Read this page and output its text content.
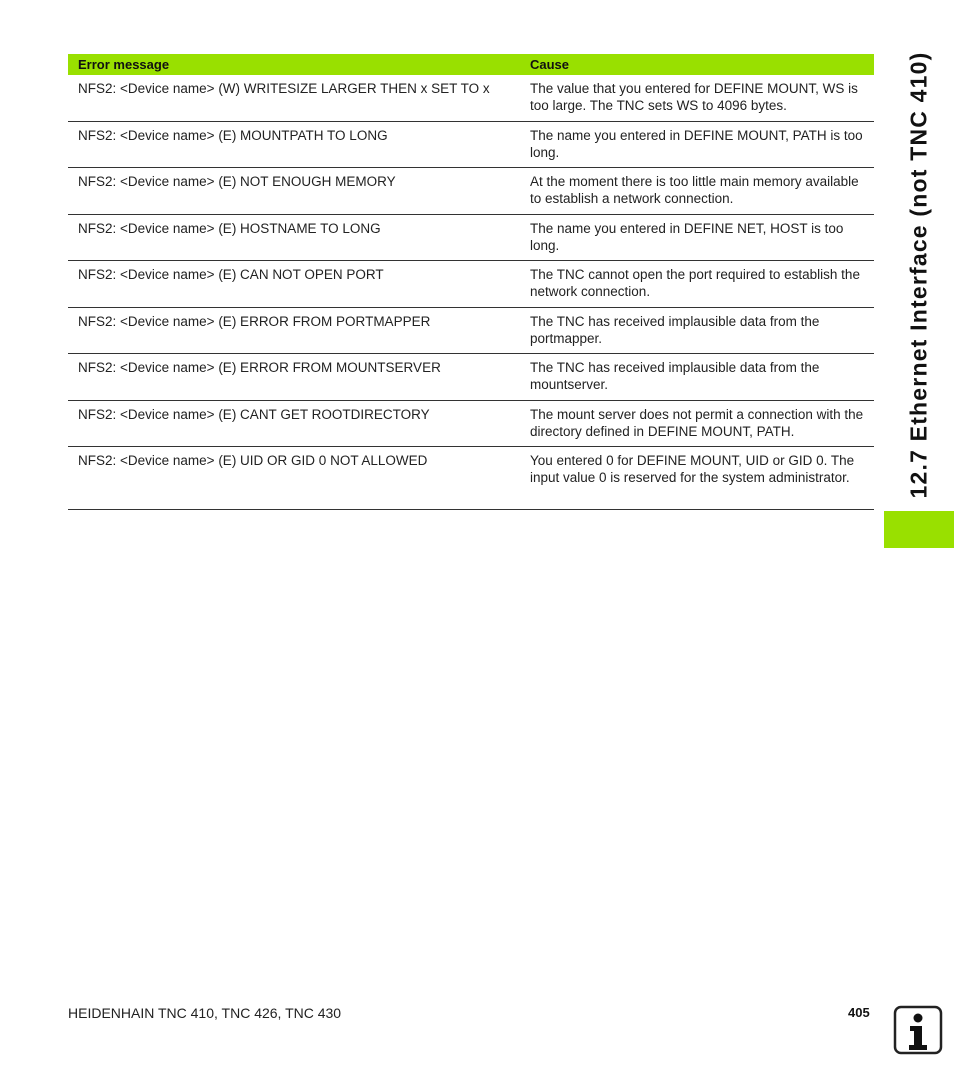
12.7 Ethernet Interface (not TNC 410)
Error message	Cause
NFS2: <Device name> (W) WRITESIZE LARGER THEN x SET TO x	The value that you entered for DEFINE MOUNT, WS is too large. The TNC sets WS to 4096 bytes.
NFS2: <Device name> (E) MOUNTPATH TO LONG	The name you entered in DEFINE MOUNT, PATH is too long.
NFS2: <Device name> (E) NOT ENOUGH MEMORY	At the moment there is too little main memory available to establish a network connection.
NFS2: <Device name> (E) HOSTNAME TO LONG	The name you entered in DEFINE NET, HOST is too long.
NFS2: <Device name> (E) CAN NOT OPEN PORT	The TNC cannot open the port required to establish the network connection.
NFS2: <Device name> (E) ERROR FROM PORTMAPPER	The TNC has received implausible data from the portmapper.
NFS2: <Device name> (E) ERROR FROM MOUNTSERVER	The TNC has received implausible data from the mountserver.
NFS2: <Device name> (E) CANT GET ROOTDIRECTORY	The mount server does not permit a connection with the directory defined in DEFINE MOUNT, PATH.
NFS2: <Device name> (E) UID OR GID 0 NOT ALLOWED	You entered 0 for DEFINE MOUNT, UID or GID 0. The input value 0 is reserved for the system administrator.
HEIDENHAIN TNC 410, TNC 426, TNC 430	405
